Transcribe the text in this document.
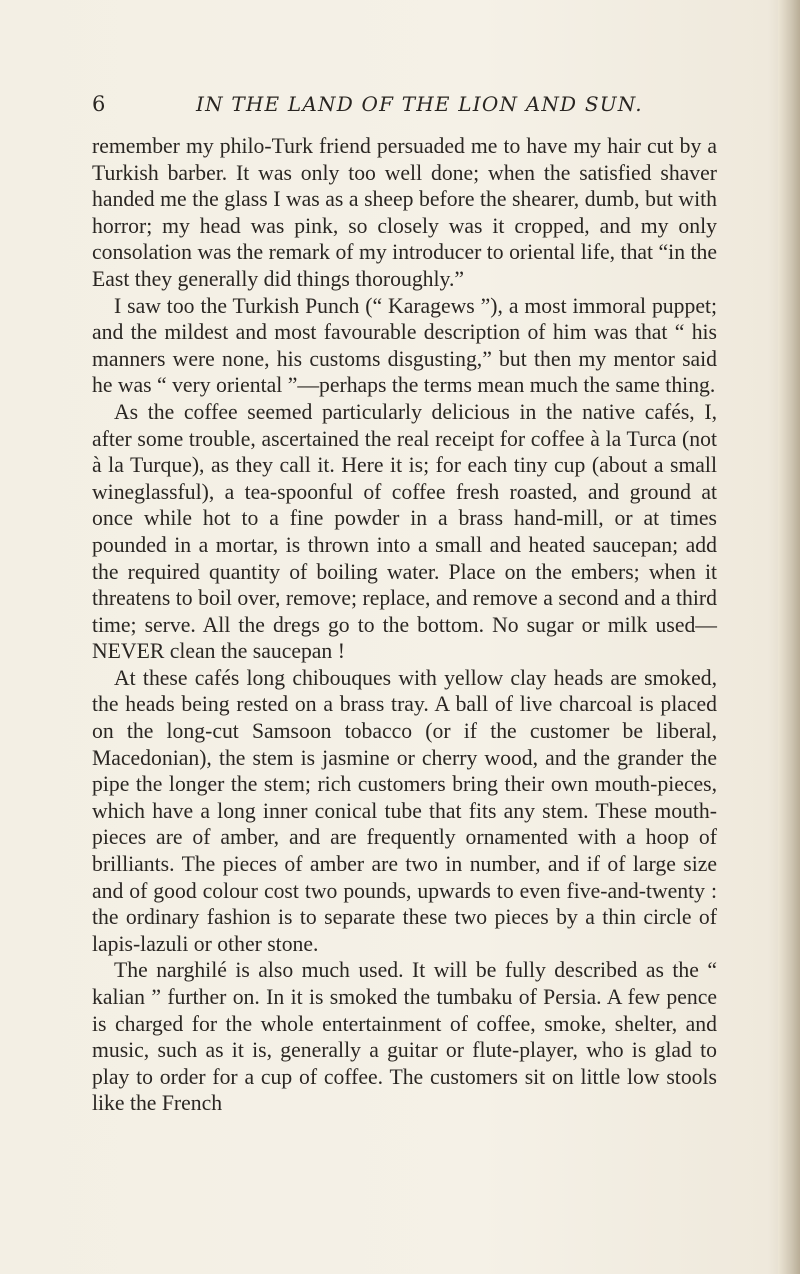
6	IN THE LAND OF THE LION AND SUN.

remember my philo-Turk friend persuaded me to have my hair cut by a Turkish barber. It was only too well done; when the satisfied shaver handed me the glass I was as a sheep before the shearer, dumb, but with horror; my head was pink, so closely was it cropped, and my only consolation was the remark of my introducer to oriental life, that “in the East they generally did things thoroughly.”

I saw too the Turkish Punch (“ Karagews ”), a most immoral puppet; and the mildest and most favourable description of him was that “ his manners were none, his customs disgusting,” but then my mentor said he was “ very oriental ”—perhaps the terms mean much the same thing.

As the coffee seemed particularly delicious in the native cafés, I, after some trouble, ascertained the real receipt for coffee à la Turca (not à la Turque), as they call it. Here it is; for each tiny cup (about a small wineglassful), a tea-spoonful of coffee fresh roasted, and ground at once while hot to a fine powder in a brass hand-mill, or at times pounded in a mortar, is thrown into a small and heated saucepan; add the required quantity of boiling water. Place on the embers; when it threatens to boil over, remove; replace, and remove a second and a third time; serve. All the dregs go to the bottom. No sugar or milk used—NEVER clean the saucepan !

At these cafés long chibouques with yellow clay heads are smoked, the heads being rested on a brass tray. A ball of live charcoal is placed on the long-cut Samsoon tobacco (or if the customer be liberal, Macedonian), the stem is jasmine or cherry wood, and the grander the pipe the longer the stem; rich customers bring their own mouth-pieces, which have a long inner conical tube that fits any stem. These mouth-pieces are of amber, and are frequently ornamented with a hoop of brilliants. The pieces of amber are two in number, and if of large size and of good colour cost two pounds, upwards to even five-and-twenty : the ordinary fashion is to separate these two pieces by a thin circle of lapis-lazuli or other stone.

The narghilé is also much used. It will be fully described as the “ kalian ” further on. In it is smoked the tumbaku of Persia. A few pence is charged for the whole entertainment of coffee, smoke, shelter, and music, such as it is, generally a guitar or flute-player, who is glad to play to order for a cup of coffee. The customers sit on little low stools like the French
